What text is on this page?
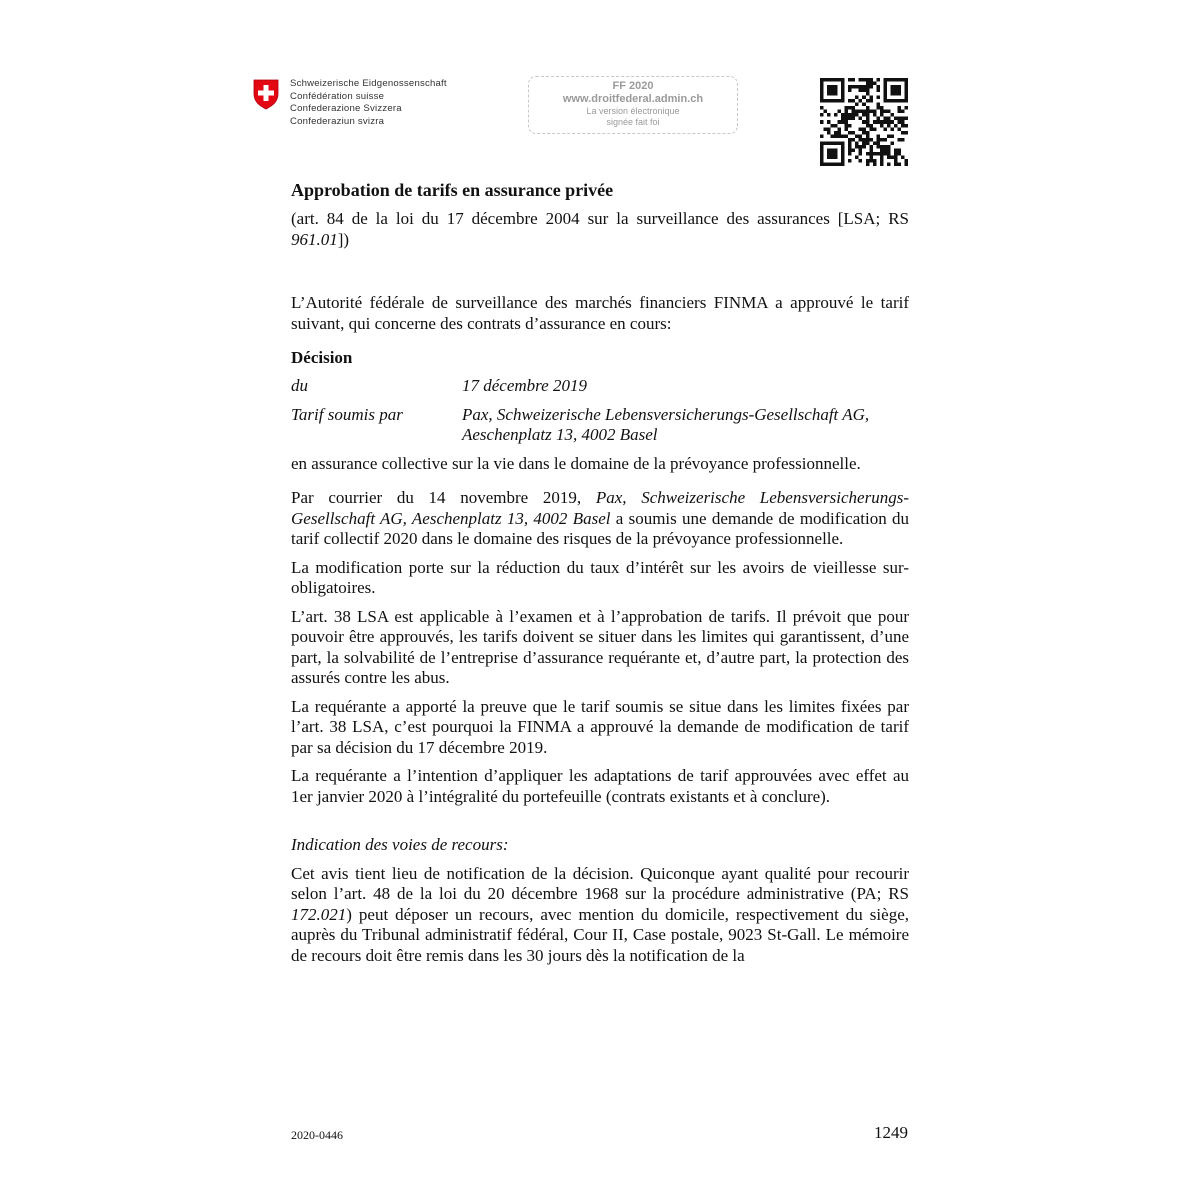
Schweizerische Eidgenossenschaft
Confédération suisse
Confederazione Svizzera
Confederaziun svizra
FF 2020
www.droitfederal.admin.ch
La version électronique
signée fait foi
Approbation de tarifs en assurance privée

(art. 84 de la loi du 17 décembre 2004 sur la surveillance des assurances [LSA; RS 961.01])

L’Autorité fédérale de surveillance des marchés financiers FINMA a approuvé le tarif suivant, qui concerne des contrats d’assurance en cours:

Décision
du	17 décembre 2019
Tarif soumis par	Pax, Schweizerische Lebensversicherungs-Gesellschaft AG, Aeschenplatz 13, 4002 Basel

en assurance collective sur la vie dans le domaine de la prévoyance professionnelle.

Par courrier du 14 novembre 2019, Pax, Schweizerische Lebensversicherungs-Gesellschaft AG, Aeschenplatz 13, 4002 Basel a soumis une demande de modification du tarif collectif 2020 dans le domaine des risques de la prévoyance professionnelle.

La modification porte sur la réduction du taux d’intérêt sur les avoirs de vieillesse sur-obligatoires.

L’art. 38 LSA est applicable à l’examen et à l’approbation de tarifs. Il prévoit que pour pouvoir être approuvés, les tarifs doivent se situer dans les limites qui garantissent, d’une part, la solvabilité de l’entreprise d’assurance requérante et, d’autre part, la protection des assurés contre les abus.

La requérante a apporté la preuve que le tarif soumis se situe dans les limites fixées par l’art. 38 LSA, c’est pourquoi la FINMA a approuvé la demande de modification de tarif par sa décision du 17 décembre 2019.

La requérante a l’intention d’appliquer les adaptations de tarif approuvées avec effet au 1er janvier 2020 à l’intégralité du portefeuille (contrats existants et à conclure).

Indication des voies de recours:

Cet avis tient lieu de notification de la décision. Quiconque ayant qualité pour recourir selon l’art. 48 de la loi du 20 décembre 1968 sur la procédure administrative (PA; RS 172.021) peut déposer un recours, avec mention du domicile, respectivement du siège, auprès du Tribunal administratif fédéral, Cour II, Case postale, 9023 St-Gall. Le mémoire de recours doit être remis dans les 30 jours dès la notification de la

2020-0446	1249
